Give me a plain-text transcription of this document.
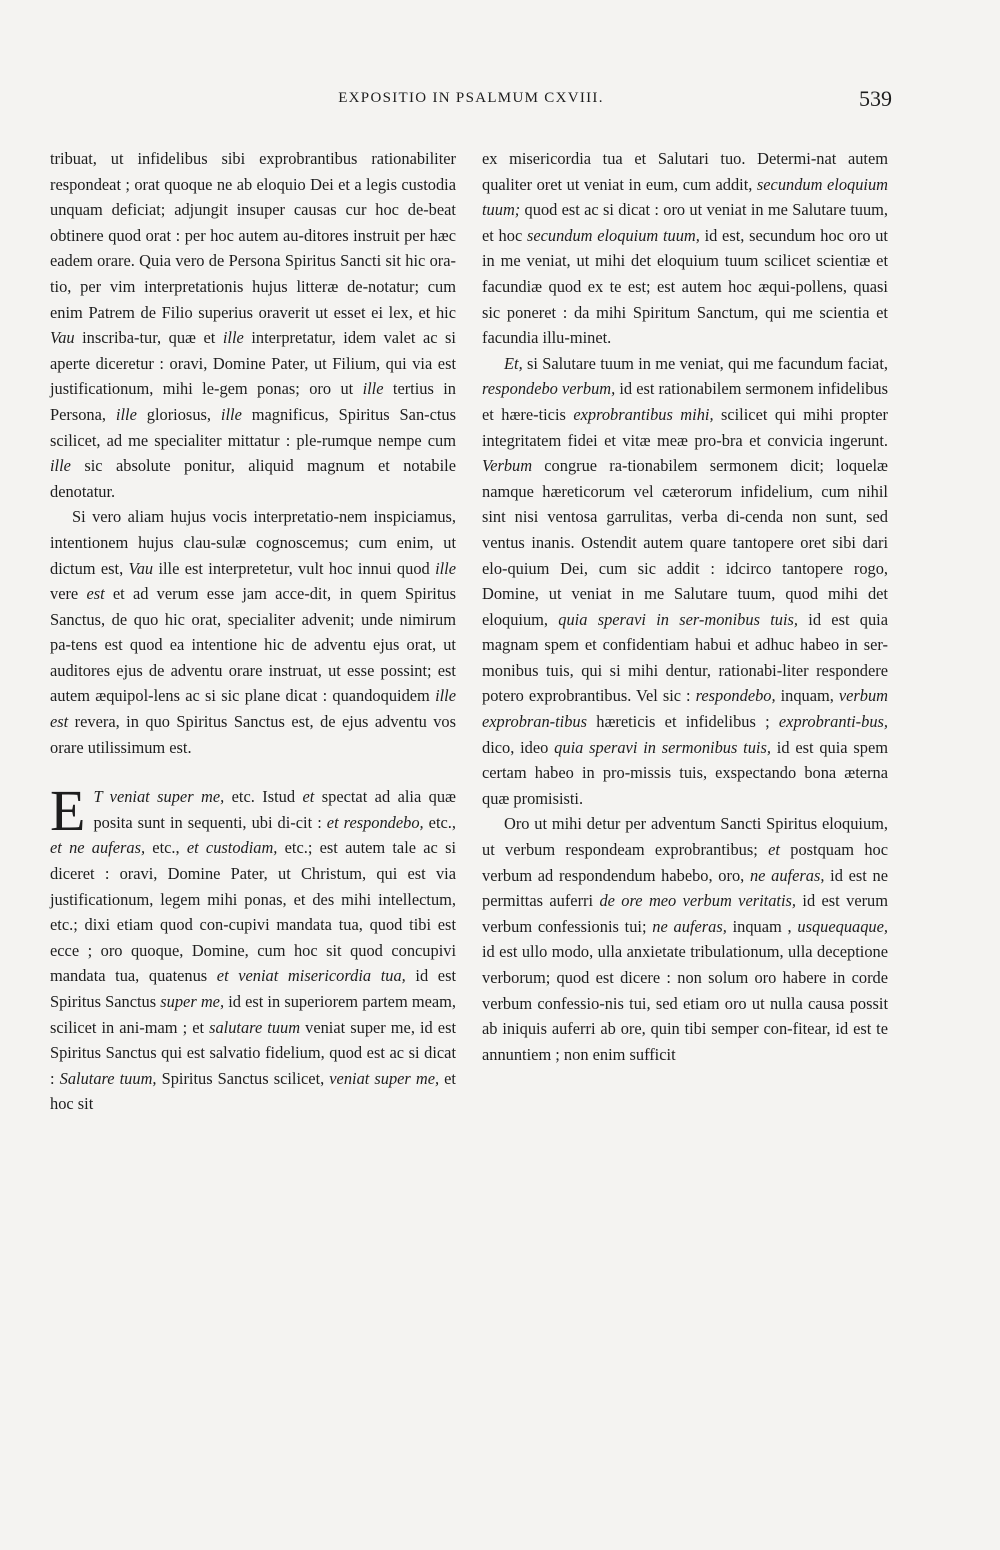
EXPOSITIO IN PSALMUM CXVIII.	539

tribuat, ut infidelibus sibi exprobrantibus rationabiliter respondeat ; orat quoque ne ab eloquio Dei et a legis custodia unquam deficiat; adjungit insuper causas cur hoc de-beat obtinere quod orat : per hoc autem au-ditores instruit per hæc eadem orare. Quia vero de Persona Spiritus Sancti sit hic ora-tio, per vim interpretationis hujus litteræ de-notatur; cum enim Patrem de Filio superius oraverit ut esset ei lex, et hic Vau inscriba-tur, quæ et ille interpretatur, idem valet ac si aperte diceretur : oravi, Domine Pater, ut Filium, qui via est justificationum, mihi le-gem ponas; oro ut ille tertius in Persona, ille gloriosus, ille magnificus, Spiritus San-ctus scilicet, ad me specialiter mittatur : ple-rumque nempe cum ille sic absolute ponitur, aliquid magnum et notabile denotatur.

Si vero aliam hujus vocis interpretatio-nem inspiciamus, intentionem hujus clau-sulæ cognoscemus; cum enim, ut dictum est, Vau ille est interpretetur, vult hoc innui quod ille vere est et ad verum esse jam acce-dit, in quem Spiritus Sanctus, de quo hic orat, specialiter advenit; unde nimirum pa-tens est quod ea intentione hic de adventu ejus orat, ut auditores ejus de adventu orare instruat, ut esse possint; est autem æquipol-lens ac si sic plane dicat : quandoquidem ille est revera, in quo Spiritus Sanctus est, de ejus adventu vos orare utilissimum est.

E T veniat super me, etc. Istud et spectat ad alia quæ posita sunt in sequenti, ubi di-cit : et respondebo, etc., et ne auferas, etc., et custodiam, etc.; est autem tale ac si diceret : oravi, Domine Pater, ut Christum, qui est via justificationum, legem mihi ponas, et des mihi intellectum, etc.; dixi etiam quod con-cupivi mandata tua, quod tibi est ecce ; oro quoque, Domine, cum hoc sit quod concupivi mandata tua, quatenus et veniat misericordia tua, id est Spiritus Sanctus super me, id est in superiorem partem meam, scilicet in ani-mam ; et salutare tuum veniat super me, id est Spiritus Sanctus qui est salvatio fidelium, quod est ac si dicat : Salutare tuum, Spiritus Sanctus scilicet, veniat super me, et hoc sit

ex misericordia tua et Salutari tuo. Determi-nat autem qualiter oret ut veniat in eum, cum addit, secundum eloquium tuum; quod est ac si dicat : oro ut veniat in me Salutare tuum, et hoc secundum eloquium tuum, id est, secundum hoc oro ut in me veniat, ut mihi det eloquium tuum scilicet scientiæ et facundiæ quod ex te est; est autem hoc æqui-pollens, quasi sic poneret : da mihi Spiritum Sanctum, qui me scientia et facundia illu-minet.

Et, si Salutare tuum in me veniat, qui me facundum faciat, respondebo verbum, id est rationabilem sermonem infidelibus et hære-ticis exprobrantibus mihi, scilicet qui mihi propter integritatem fidei et vitæ meæ pro-bra et convicia ingerunt. Verbum congrue ra-tionabilem sermonem dicit; loquelæ namque hæreticorum vel cæterorum infidelium, cum nihil sint nisi ventosa garrulitas, verba di-cenda non sunt, sed ventus inanis. Ostendit autem quare tantopere oret sibi dari elo-quium Dei, cum sic addit : idcirco tantopere rogo, Domine, ut veniat in me Salutare tuum, quod mihi det eloquium, quia speravi in ser-monibus tuis, id est quia magnam spem et confidentiam habui et adhuc habeo in ser-monibus tuis, qui si mihi dentur, rationabi-liter respondere potero exprobrantibus. Vel sic : respondebo, inquam, verbum exprobran-tibus hæreticis et infidelibus ; exprobranti-bus, dico, ideo quia speravi in sermonibus tuis, id est quia spem certam habeo in pro-missis tuis, exspectando bona æterna quæ promisisti.

Oro ut mihi detur per adventum Sancti Spiritus eloquium, ut verbum respondeam exprobrantibus; et postquam hoc verbum ad respondendum habebo, oro, ne auferas, id est ne permittas auferri de ore meo verbum veritatis, id est verum verbum confessionis tui; ne auferas, inquam , usquequaque, id est ullo modo, ulla anxietate tribulationum, ulla deceptione verborum; quod est dicere : non solum oro habere in corde verbum confessio-nis tui, sed etiam oro ut nulla causa possit ab iniquis auferri ab ore, quin tibi semper con-fitear, id est te annuntiem ; non enim sufficit
